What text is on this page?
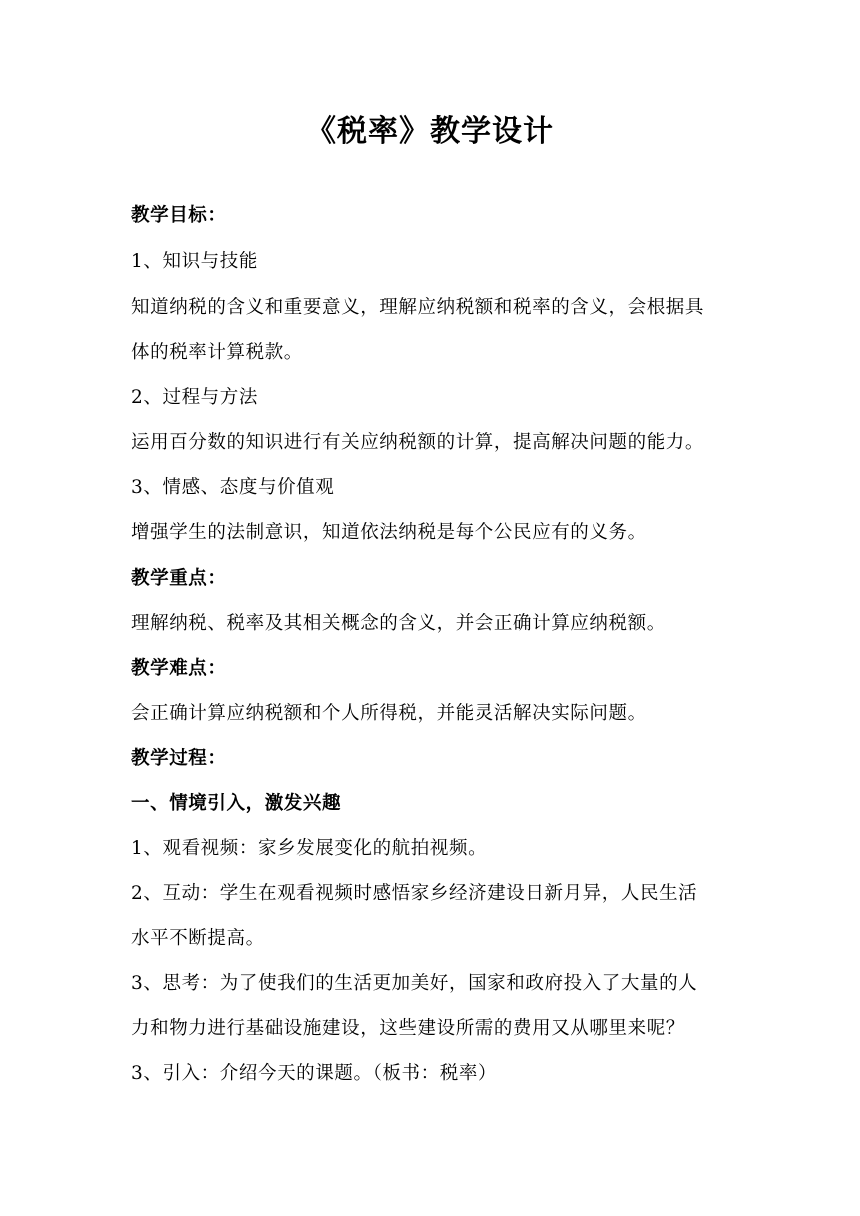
《税率》教学设计
教学目标：
1、知识与技能
知道纳税的含义和重要意义，理解应纳税额和税率的含义，会根据具
体的税率计算税款。
2、过程与方法
运用百分数的知识进行有关应纳税额的计算，提高解决问题的能力。
3、情感、态度与价值观
增强学生的法制意识，知道依法纳税是每个公民应有的义务。
教学重点：
理解纳税、税率及其相关概念的含义，并会正确计算应纳税额。
教学难点：
会正确计算应纳税额和个人所得税，并能灵活解决实际问题。
教学过程：
一、情境引入，激发兴趣
1、观看视频：家乡发展变化的航拍视频。
2、互动：学生在观看视频时感悟家乡经济建设日新月异，人民生活
水平不断提高。
3、思考：为了使我们的生活更加美好，国家和政府投入了大量的人
力和物力进行基础设施建设，这些建设所需的费用又从哪里来呢？
3、引入：介绍今天的课题。（板书：税率）
